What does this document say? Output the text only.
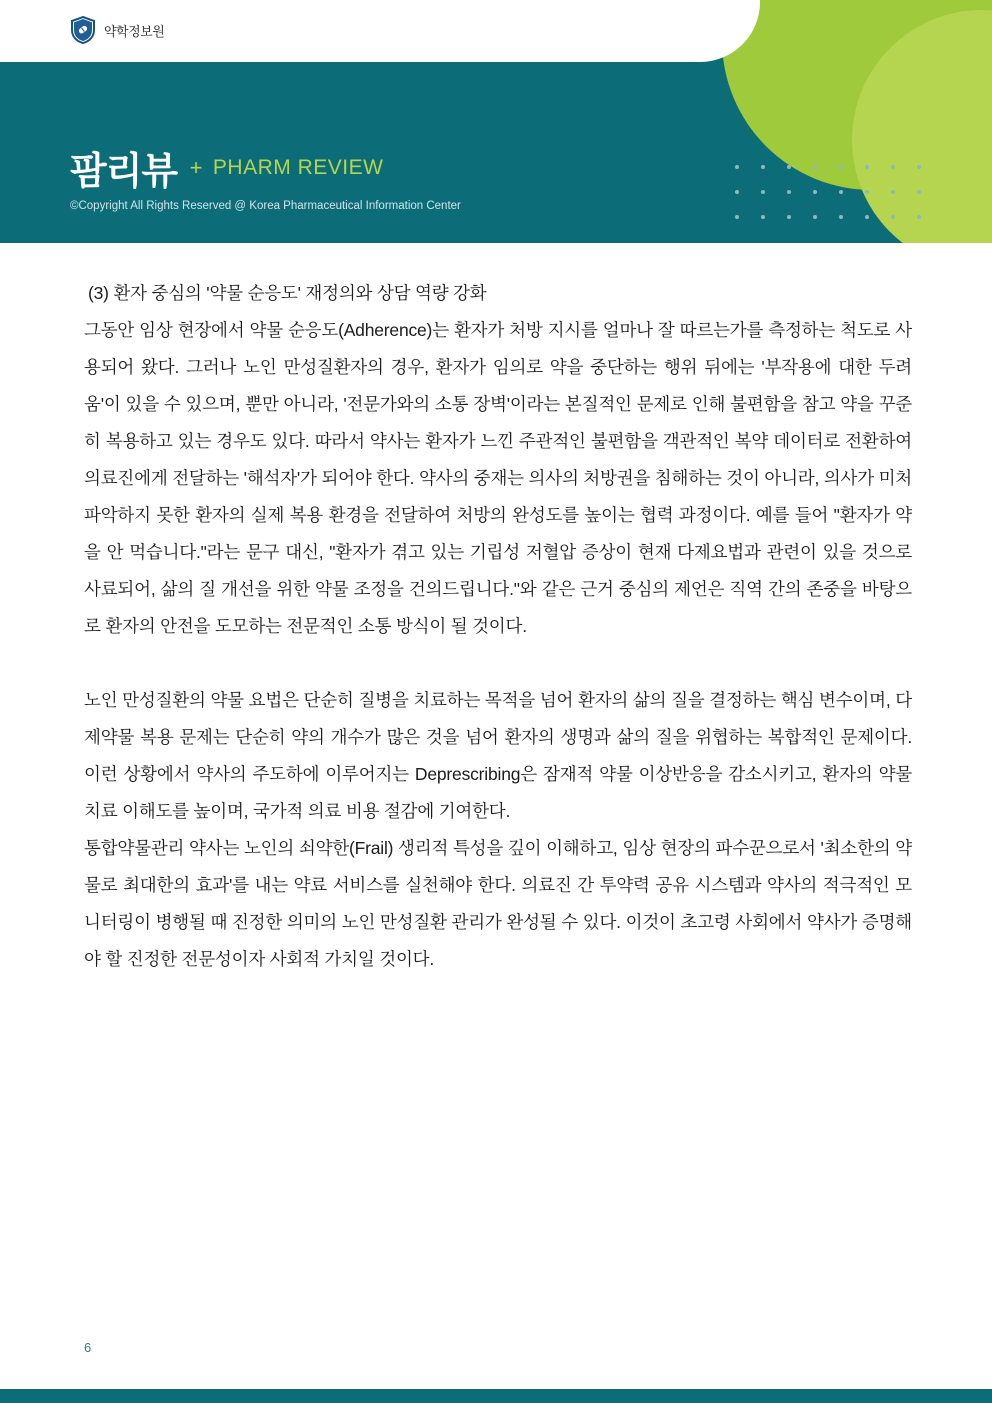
약학정보원
팜리뷰 + PHARM REVIEW
©Copyright All Rights Reserved @ Korea Pharmaceutical Information Center

(3) 환자 중심의 '약물 순응도' 재정의와 상담 역량 강화

그동안 임상 현장에서 약물 순응도(Adherence)는 환자가 처방 지시를 얼마나 잘 따르는가를 측정하는 척도로 사용되어 왔다. 그러나 노인 만성질환자의 경우, 환자가 임의로 약을 중단하는 행위 뒤에는 '부작용에 대한 두려움'이 있을 수 있으며, 뿐만 아니라, '전문가와의 소통 장벽'이라는 본질적인 문제로 인해 불편함을 참고 약을 꾸준히 복용하고 있는 경우도 있다. 따라서 약사는 환자가 느낀 주관적인 불편함을 객관적인 복약 데이터로 전환하여 의료진에게 전달하는 '해석자'가 되어야 한다. 약사의 중재는 의사의 처방권을 침해하는 것이 아니라, 의사가 미처 파악하지 못한 환자의 실제 복용 환경을 전달하여 처방의 완성도를 높이는 협력 과정이다. 예를 들어 "환자가 약을 안 먹습니다."라는 문구 대신, "환자가 겪고 있는 기립성 저혈압 증상이 현재 다제요법과 관련이 있을 것으로 사료되어, 삶의 질 개선을 위한 약물 조정을 건의드립니다."와 같은 근거 중심의 제언은 직역 간의 존중을 바탕으로 환자의 안전을 도모하는 전문적인 소통 방식이 될 것이다.

노인 만성질환의 약물 요법은 단순히 질병을 치료하는 목적을 넘어 환자의 삶의 질을 결정하는 핵심 변수이며, 다제약물 복용 문제는 단순히 약의 개수가 많은 것을 넘어 환자의 생명과 삶의 질을 위협하는 복합적인 문제이다. 이런 상황에서 약사의 주도하에 이루어지는 Deprescribing은 잠재적 약물 이상반응을 감소시키고, 환자의 약물 치료 이해도를 높이며, 국가적 의료 비용 절감에 기여한다.

통합약물관리 약사는 노인의 쇠약한(Frail) 생리적 특성을 깊이 이해하고, 임상 현장의 파수꾼으로서 '최소한의 약물로 최대한의 효과'를 내는 약료 서비스를 실천해야 한다. 의료진 간 투약력 공유 시스템과 약사의 적극적인 모니터링이 병행될 때 진정한 의미의 노인 만성질환 관리가 완성될 수 있다. 이것이 초고령 사회에서 약사가 증명해야 할 진정한 전문성이자 사회적 가치일 것이다.

6
